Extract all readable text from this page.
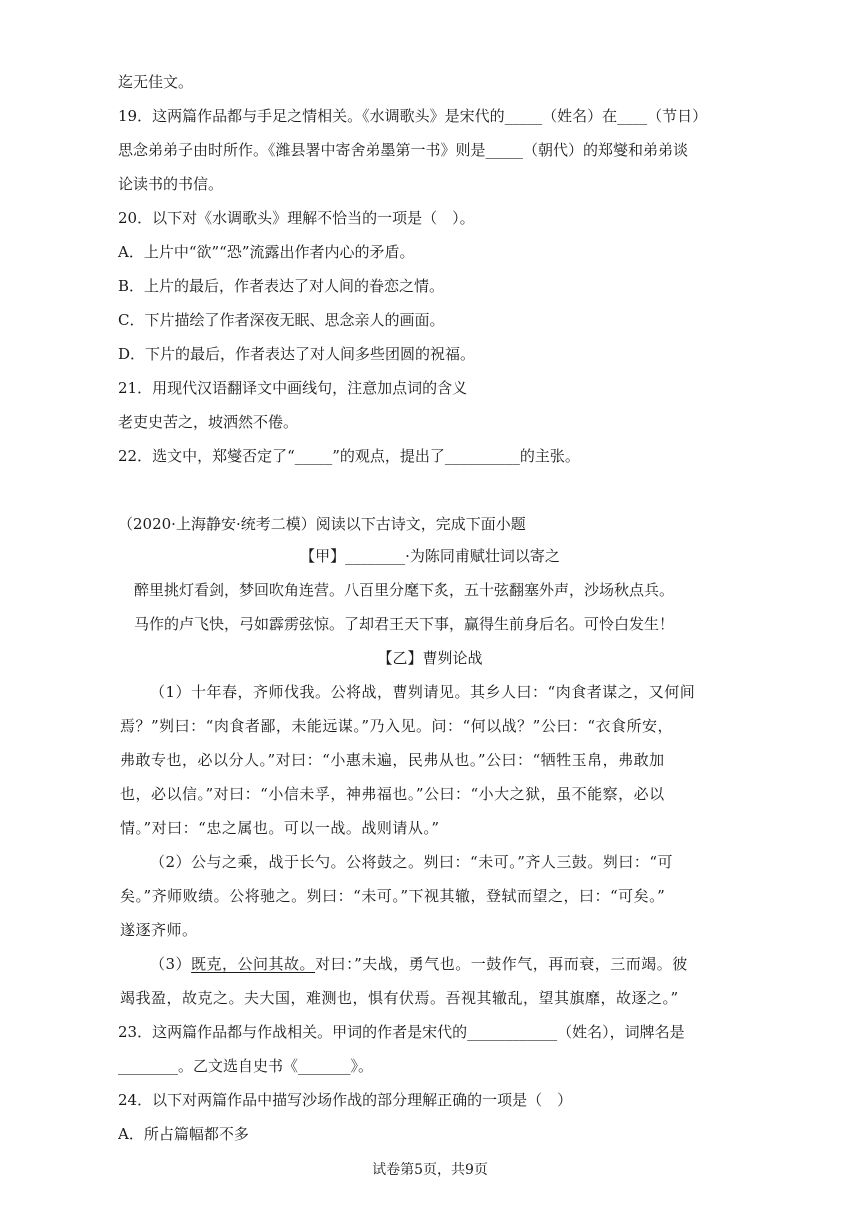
迄无佳文。
19．这两篇作品都与手足之情相关。《水调歌头》是宋代的_____（姓名）在____（节日）
思念弟弟子由时所作。《潍县署中寄舍弟墨第一书》则是_____（朝代）的郑燮和弟弟谈
论读书的书信。
20．以下对《水调歌头》理解不恰当的一项是（　）。
A．上片中“欲”“恐”流露出作者内心的矛盾。
B．上片的最后，作者表达了对人间的眷恋之情。
C．下片描绘了作者深夜无眠、思念亲人的画面。
D．下片的最后，作者表达了对人间多些团圆的祝福。
21．用现代汉语翻译文中画线句，注意加点词的含义
老吏史苦之，坡洒然不倦。
22．选文中，郑燮否定了“_____”的观点，提出了__________的主张。
（2020·上海静安·统考二模）阅读以下古诗文，完成下面小题
【甲】________·为陈同甫赋壮词以寄之
醉里挑灯看剑，梦回吹角连营。八百里分麾下炙，五十弦翻塞外声，沙场秋点兵。
马作的卢飞快，弓如霹雳弦惊。了却君王天下事，赢得生前身后名。可怜白发生！
【乙】曹刿论战
（1）十年春，齐师伐我。公将战，曹刿请见。其乡人曰：“肉食者谋之，又何间
焉？”刿曰：“肉食者鄙，未能远谋。”乃入见。问：“何以战？”公曰：“衣食所安，
弗敢专也，必以分人。”对曰：“小惠未遍，民弗从也。”公曰：“牺牲玉帛，弗敢加
也，必以信。”对曰：“小信未孚，神弗福也。”公曰：“小大之狱，虽不能察，必以
情。”对曰：“忠之属也。可以一战。战则请从。”
（2）公与之乘，战于长勺。公将鼓之。刿曰：“未可。”齐人三鼓。刿曰：“可
矣。”齐师败绩。公将驰之。刿曰：“未可。”下视其辙，登轼而望之，曰：“可矣。”
遂逐齐师。
（3）既克，公问其故。对曰：”夫战，勇气也。一鼓作气，再而衰，三而竭。彼
竭我盈，故克之。夫大国，难测也，惧有伏焉。吾视其辙乱，望其旗靡，故逐之。”
23．这两篇作品都与作战相关。甲词的作者是宋代的____________（姓名），词牌名是
________。乙文选自史书《_______》。
24．以下对两篇作品中描写沙场作战的部分理解正确的一项是（　）
A．所占篇幅都不多
试卷第5页，共9页
